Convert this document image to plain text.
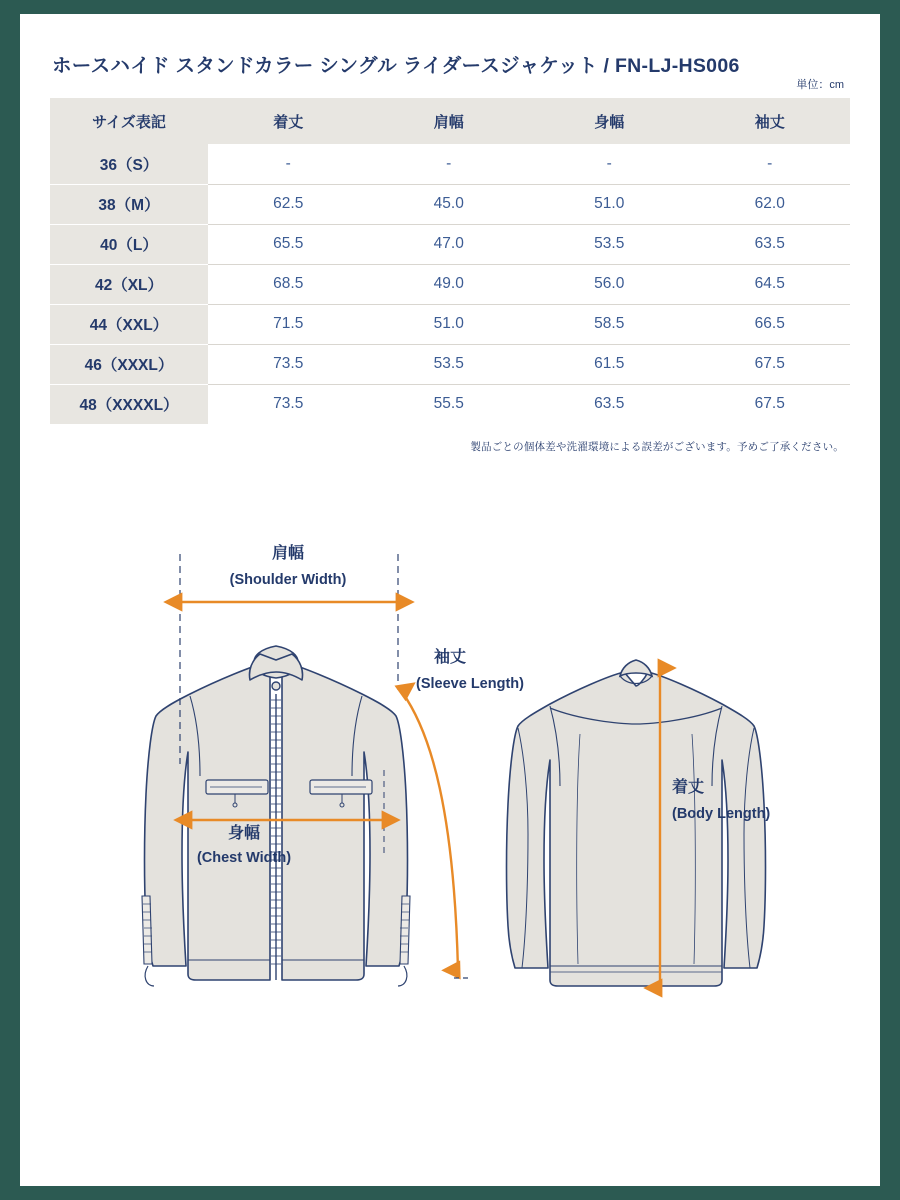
ホースハイド スタンドカラー シングル ライダースジャケット / FN-LJ-HS006
単位：cm
サイズ表記	着丈	肩幅	身幅	袖丈
36（S）	-	-	-	-
38（M）	62.5	45.0	51.0	62.0
40（L）	65.5	47.0	53.5	63.5
42（XL）	68.5	49.0	56.0	64.5
44（XXL）	71.5	51.0	58.5	66.5
46（XXXL）	73.5	53.5	61.5	67.5
48（XXXXL）	73.5	55.5	63.5	67.5
製品ごとの個体差や洗濯環境による誤差がございます。予めご了承ください。
肩幅
(Shoulder Width)
身幅
(Chest Width)
袖丈
(Sleeve Length)
着丈
(Body Length)
